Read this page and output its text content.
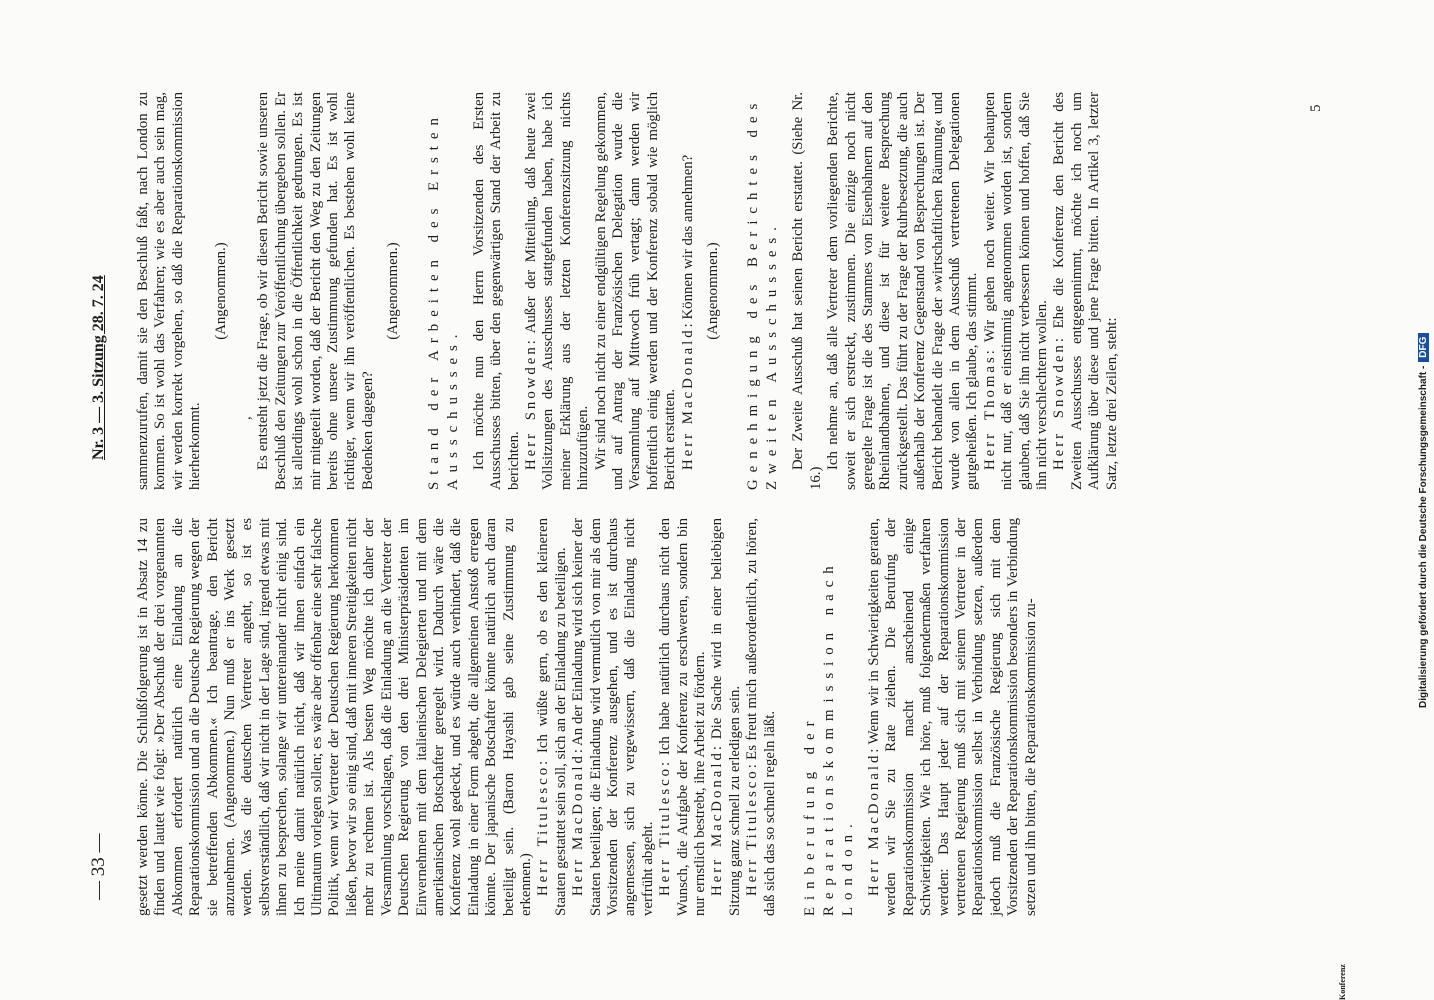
— 33 —
Nr. 3 — 3. Sitzung 28. 7. 24

gesetzt werden könne. Die Schlußfolgerung ist in Absatz 14 zu finden und lautet wie folgt: »Der Abschuß der drei vorgenannten Abkommen erfordert natürlich eine Einladung an die Reparationskommission und an die Deutsche Regierung wegen der sie betreffenden Abkommen.« Ich beantrage, den Bericht anzunehmen. (Angenommen.) Nun muß er ins Werk gesetzt werden. Was die deutschen Vertreter angeht, so ist es selbstverständlich, daß wir nicht in der Lage sind, irgend etwas mit ihnen zu besprechen, solange wir untereinander nicht einig sind. Ich meine damit natürlich nicht, daß wir ihnen einfach ein Ultimatum vorlegen sollen; es wäre aber offenbar eine sehr falsche Politik, wenn wir Vertreter der Deutschen Regierung herkommen ließen, bevor wir so einig sind, daß mit inneren Streitigkeiten nicht mehr zu rechnen ist. Als besten Weg möchte ich daher der Versammlung vorschlagen, daß die Einladung an die Vertreter der Deutschen Regierung von den drei Ministerpräsidenten im Einvernehmen mit dem italienischen Delegierten und mit dem amerikanischen Botschafter geregelt wird. Dadurch wäre die Konferenz wohl gedeckt, und es würde auch verhindert, daß die Einladung in einer Form abgeht, die allgemeinen Anstoß erregen könnte. Der japanische Botschafter könnte natürlich auch daran beteiligt sein. (Baron Hayashi gab seine Zustimmung zu erkennen.) Herr Titulesco: Ich wüßte gern, ob es den kleineren Staaten gestattet sein soll, sich an der Einladung zu beteiligen. Herr MacDonald: An der Einladung wird sich keiner der Staaten beteiligen; die Einladung wird vermutlich von mir als dem Vorsitzenden der Konferenz ausgehen, und es ist durchaus angemessen, sich zu vergewissern, daß die Einladung nicht verfrüht abgeht. Herr Titulesco: Ich habe natürlich durchaus nicht den Wunsch, die Aufgabe der Konferenz zu erschweren, sondern bin nur ernstlich bestrebt, ihre Arbeit zu fördern. Herr MacDonald: Die Sache wird in einer beliebigen Sitzung ganz schnell zu erledigen sein. Herr Titulesco: Es freut mich außerordentlich, zu hören, daß sich das so schnell regeln läßt. Einberufung der Reparationskommission nach London. Herr MacDonald: Wenn wir in Schwierigkeiten geraten, werden wir Sie zu Rate ziehen. Die Berufung der Reparationskommission macht anscheinend einige Schwierigkeiten. Wie ich höre, muß folgendermaßen verfahren werden: Das Haupt jeder auf der Reparationskommission vertretenen Regierung muß sich mit seinem Vertreter in der Reparationskommission selbst in Verbindung setzen, außerdem jedoch muß die Französische Regierung sich mit dem Vorsitzenden der Reparationskommission besonders in Verbindung setzen und ihn bitten, die Reparationskommission zu-

sammenzurufen, damit sie den Beschluß faßt, nach London zu kommen. So ist wohl das Verfahren; wie es aber auch sein mag, wir werden korrekt vorgehen, so daß die Reparationskommission hierherkommt.

(Angenommen.)

, Es entsteht jetzt die Frage, ob wir diesen Bericht sowie unseren Beschluß den Zeitungen zur Veröffentlichung übergeben sollen. Er ist allerdings wohl schon in die Öffentlichkeit gedrungen. Es ist mir mitgeteilt worden, daß der Bericht den Weg zu den Zeitungen bereits ohne unsere Zustimmung gefunden hat. Es ist wohl richtiger, wenn wir ihn veröffentlichen. Es bestehen wohl keine Bedenken dagegen?

(Angenommen.) Stand der Arbeiten des Ersten Ausschusses. Ich möchte nun den Herrn Vorsitzenden des Ersten Ausschusses bitten, über den gegenwärtigen Stand der Arbeit zu berichten. Herr Snowden: Außer der Mitteilung, daß heute zwei Vollsitzungen des Ausschusses stattgefunden haben, habe ich meiner Erklärung aus der letzten Konferenzsitzung nichts hinzuzufügen. Wir sind noch nicht zu einer endgültigen Regelung gekommen, und auf Antrag der Französischen Delegation wurde die Versammlung auf Mittwoch früh vertagt; dann werden wir hoffentlich einig werden und der Konferenz sobald wie möglich Bericht erstatten. Herr MacDonald: Können wir das annehmen? (Angenommen.) Genehmigung des Berichtes des Zweiten Ausschusses. Der Zweite Ausschuß hat seinen Bericht erstattet. (Siehe Nr. 16.)

Ich nehme an, daß alle Vertreter dem vorliegenden Berichte, soweit er sich erstreckt, zustimmen. Die einzige noch nicht geregelte Frage ist die des Stammes von Eisenbahnern auf den Rheinlandbahnen, und diese ist für weitere Besprechung zurückgestellt. Das führt zu der Frage der Ruhrbesetzung, die auch außerhalb der Konferenz Gegenstand von Besprechungen ist. Der Bericht behandelt die Frage der »wirtschaftlichen Räumung« und wurde von allen in dem Ausschuß vertretenen Delegationen gutgeheißen. Ich glaube, das stimmt. Herr Thomas: Wir gehen noch weiter. Wir behaupten nicht nur, daß er einstimmig angenommen worden ist, sondern glauben, daß Sie ihn nicht verbessern können und hoffen, daß Sie ihn nicht verschlechtern wollen. Herr Snowden: Ehe die Konferenz den Bericht des Zweiten Ausschusses entgegennimmt, möchte ich noch um Aufklärung über diese und jene Frage bitten. In Artikel 3, letzter Satz, letzte drei Zeilen, steht:

5
Konferenz
Digitalisierung gefördert durch die Deutsche Forschungsgemeinschaft -DFG
